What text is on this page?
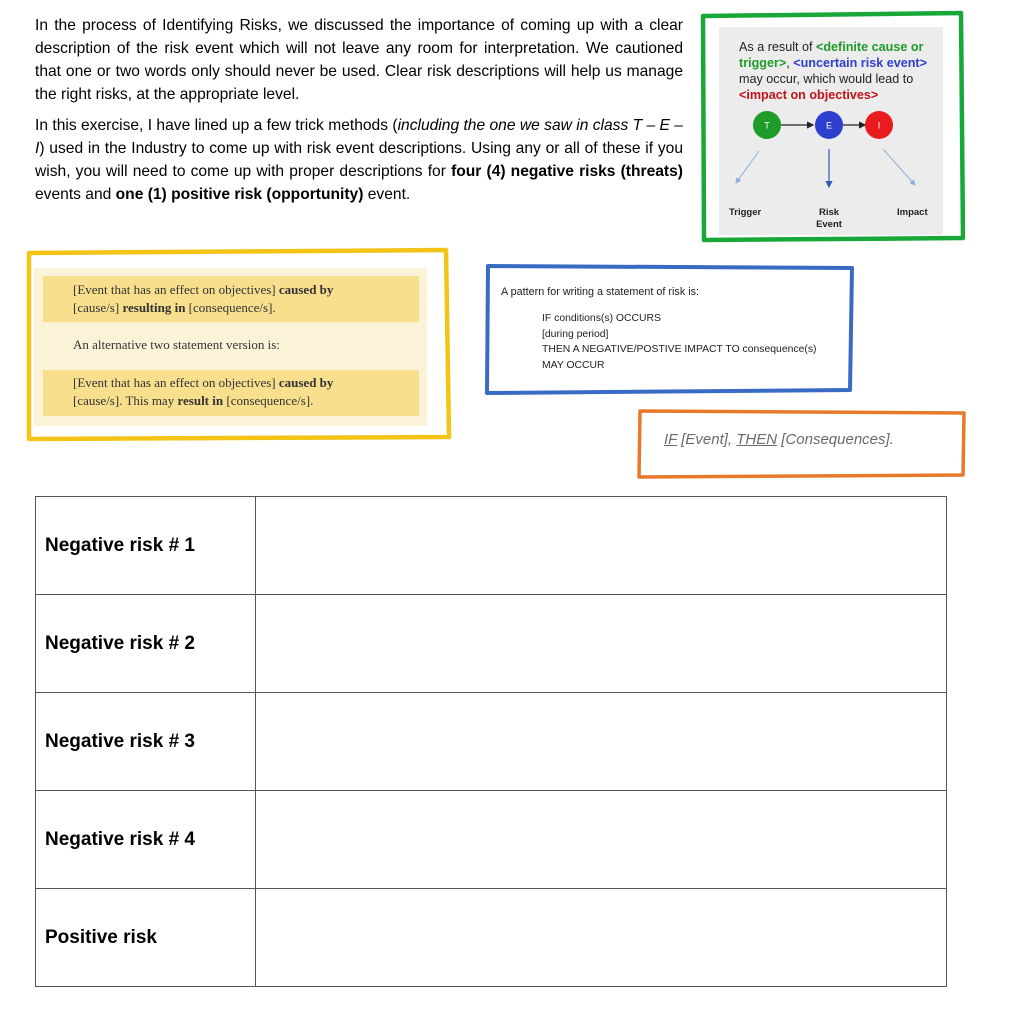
In the process of Identifying Risks, we discussed the importance of coming up with a clear description of the risk event which will not leave any room for interpretation. We cautioned that one or two words only should never be used. Clear risk descriptions will help us manage the right risks, at the appropriate level.

In this exercise, I have lined up a few trick methods (including the one we saw in class T – E – I) used in the Industry to come up with risk event descriptions. Using any or all of these if you wish, you will need to come up with proper descriptions for four (4) negative risks (threats) events and one (1) positive risk (opportunity) event.

As a result of <definite cause or trigger>, <uncertain risk event> may occur, which would lead to <impact on objectives>
T	E	I
Trigger	Risk
Event
Impact
[Event that has an effect on objectives] caused by
[cause/s] resulting in [consequence/s].
An alternative two statement version is:
[Event that has an effect on objectives] caused by
[cause/s]. This may result in [consequence/s].
A pattern for writing a statement of risk is:
IF conditions(s) OCCURS
[during period]
THEN A NEGATIVE/POSTIVE IMPACT TO consequence(s)
MAY OCCUR
IF [Event], THEN [Consequences].
Negative risk # 1	
Negative risk # 2	
Negative risk # 3	
Negative risk # 4	
Positive risk	
